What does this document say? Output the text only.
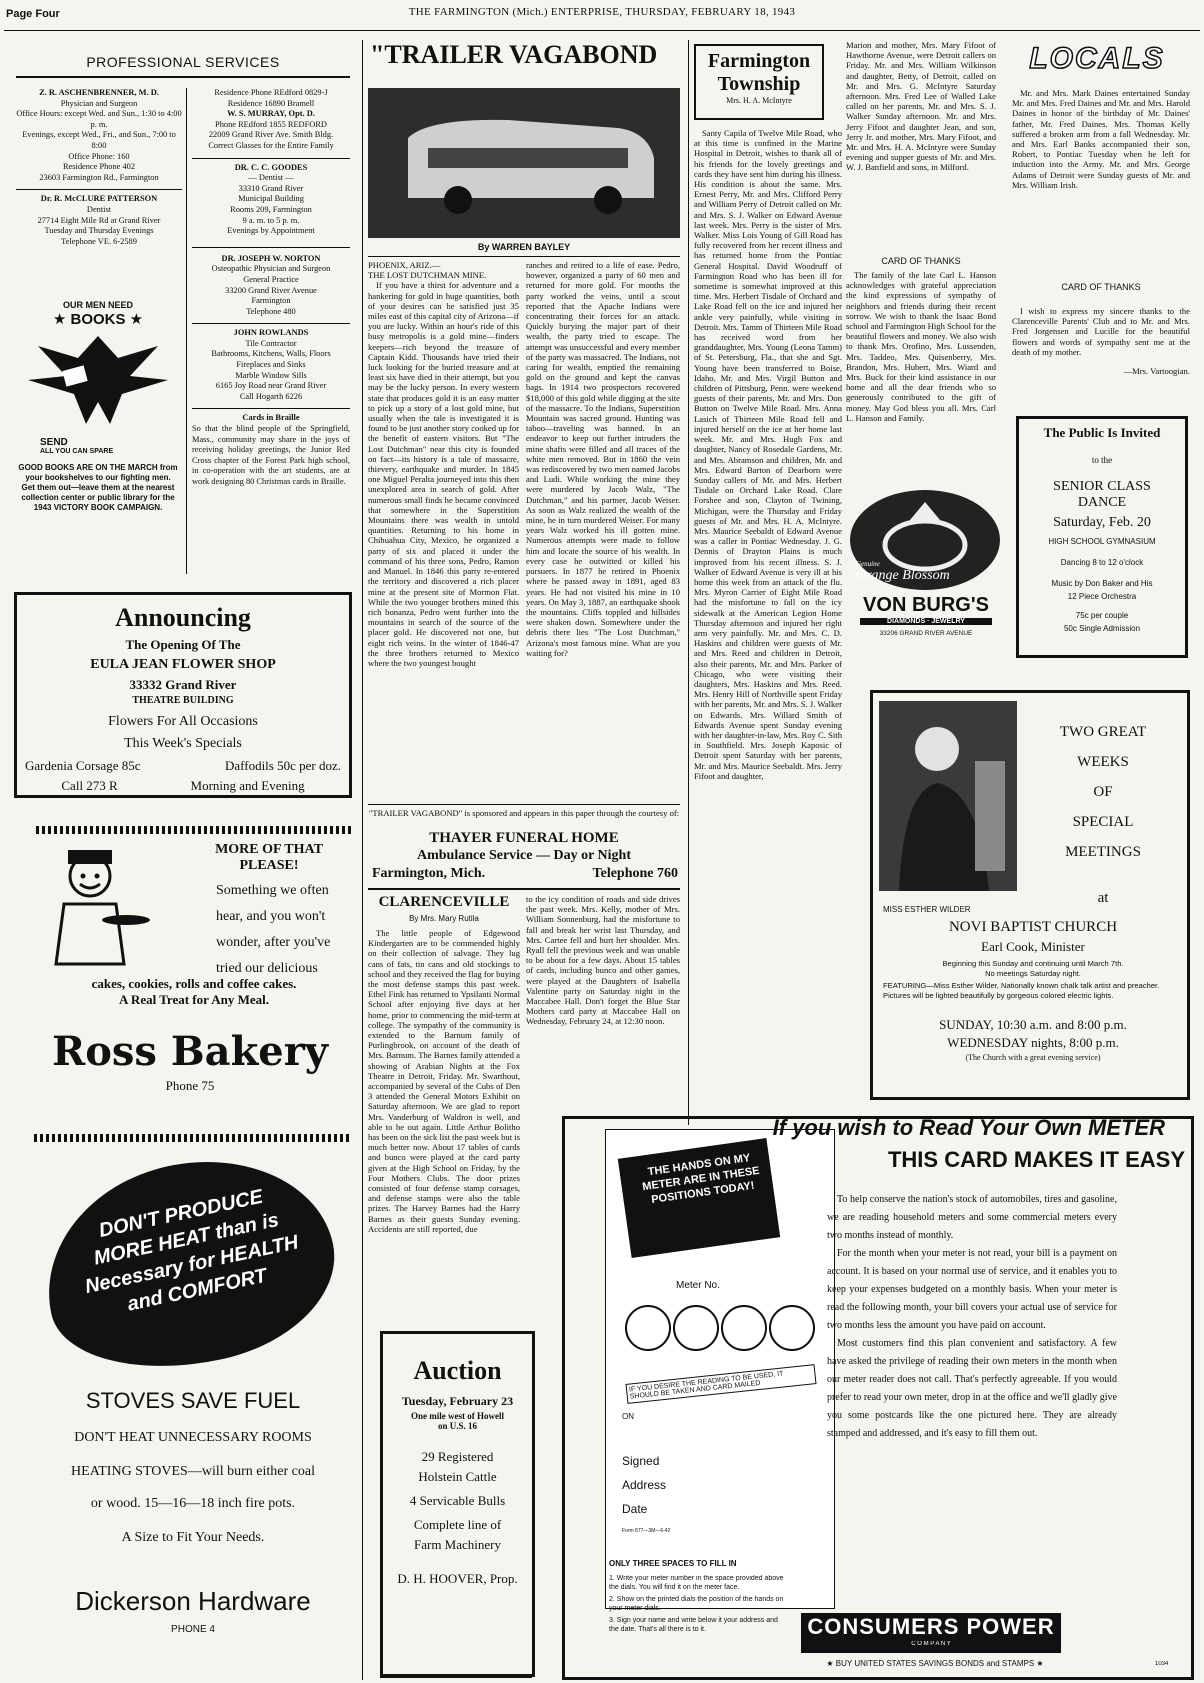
Page Four	THE FARMINGTON (Mich.) ENTERPRISE, THURSDAY, FEBRUARY 18, 1943
PROFESSIONAL SERVICES
Z. R. ASCHENBRENNER, M. D.
Physician and Surgeon
Office Hours: except Wed. and Sun., 1:30 to 4:00 p. m.
Evenings, except Wed., Fri., and Sun., 7:00 to 8:00
Office Phone: 160
Residence Phone 402
23603 Farmington Rd., Farmington
Dr. R. McCLURE PATTERSON
Dentist
27714 Eight Mile Rd at Grand River
Tuesday and Thursday Evenings
Telephone VE. 6-2589
Residence Phone REdford 0829-J
Residence 16890 Bramell
W. S. MURRAY, Opt. D.
Phone REdford 1855 REDFORD
22009 Grand River Ave. Smith Bldg.
Correct Glasses for the Entire Family
DR. C. C. GOODES
— Dentist —
33310 Grand River
Municipal Building
Rooms 209, Farmington
9 a. m. to 5 p. m.
Evenings by Appointment
DR. JOSEPH W. NORTON
Osteopathic Physician and Surgeon
General Practice
33200 Grand River Avenue
Farmington
Telephone 480
JOHN ROWLANDS
Tile Contractor
Bathrooms, Kitchens, Walls, Floors
Fireplaces and Sinks
Marble Window Sills
6165 Joy Road near Grand River
Call Hogarth 6226
Cards in Braille
So that the blind people of the Springfield, Mass., community may share in the joys of receiving holiday greetings, the Junior Red Cross chapter of the Forest Park high school, in co-operation with the art students, are at work designing 80 Christmas cards in Braille.
OUR MEN NEED
★ BOOKS ★
SEND
ALL YOU CAN SPARE
GOOD BOOKS ARE ON THE MARCH from your bookshelves to our fighting men. Get them out—leave them at the nearest collection center or public library for the 1943 VICTORY BOOK CAMPAIGN.
Announcing
The Opening Of The
EULA JEAN FLOWER SHOP
33332 Grand River
THEATRE BUILDING
Flowers For All Occasions
This Week's Specials
Gardenia Corsage 85c	Daffodils 50c per doz.
Call 273 R	Morning and Evening
MORE OF THAT PLEASE!
Something we often hear, and you won't wonder, after you've tried our delicious
cakes, cookies, rolls and coffee cakes.
A Real Treat for Any Meal.
Ross Bakery
Phone 75
DON'T PRODUCE MORE HEAT than is Necessary for HEALTH and COMFORT
STOVES SAVE FUEL
DON'T HEAT UNNECESSARY ROOMS
HEATING STOVES—will burn either coal
or wood. 15—16—18 inch fire pots.
A Size to Fit Your Needs.
Dickerson Hardware
PHONE 4
"TRAILER VAGABOND
By WARREN BAYLEY
PHOENIX, ARIZ.—
THE LOST DUTCHMAN MINE.

If you have a thirst for adventure and a hankering for gold in huge quantities, both of your desires can be satisfied just 35 miles east of this capital city of Arizona—if you are lucky. Within an hour's ride of this busy metropolis is a gold mine—finders keepers—rich beyond the treasure of Captain Kidd. Thousands have tried their luck looking for the buried treasure and at least six have died in their attempt, but you may be the lucky person. In every western state that produces gold it is an easy matter to pick up a story of a lost gold mine, but usually when the tale is investigated it is found to be just another story cooked up for the benefit of eastern visitors. But "The Lost Dutchman" near this city is founded on fact—its history is a tale of massacre, thievery, earthquake and murder. In 1845 one Miguel Peralta journeyed into this then unexplored area in search of gold. After numerous small finds he became convinced that somewhere in the Superstition Mountains there was wealth in untold quantities. Returning to his home in Chihuahua City, Mexico, he organized a party of six and placed it under the command of his three sons, Pedro, Ramon and Manuel. In 1846 this party re-entered the territory and discovered a rich placer mine at the present site of Mormon Flat. While the two younger brothers mined this rich bonanza, Pedro went further into the mountains in search of the source of the placer gold. He discovered not one, but eight rich veins. In the winter of 1846-47 the three brothers returned to Mexico where the two youngest bought

ranches and retired to a life of ease. Pedro, however, organized a party of 60 men and returned for more gold. For months the party worked the veins, until a scout reported that the Apache Indians were concentrating their forces for an attack. Quickly burying the major part of their wealth, the party tried to escape. The attempt was unsuccessful and every member of the party was massacred. The Indians, not caring for wealth, emptied the remaining gold on the ground and kept the canvas bags. In 1914 two prospectors recovered $18,000 of this gold while digging at the site of the massacre. To the Indians, Superstition Mountain was sacred ground. Hunting was taboo—traveling was banned. In an endeavor to keep out further intruders the mine shafts were filled and all traces of the white men removed. But in 1860 the vein was rediscovered by two men named Jacobs and Ludi. While working the mine they were murdered by Jacob Walz, "The Dutchman," and his partner, Jacob Weiser. As soon as Walz realized the wealth of the mine, he in turn murdered Weiser. For many years Walz worked his ill gotten mine. Numerous attempts were made to follow him and locate the source of his wealth. In every case he outwitted or killed his pursuers. In 1877 he retired in Phoenix where he passed away in 1891, aged 83 years. He had not visited his mine in 10 years. On May 3, 1887, an earthquake shook the mountains. Cliffs toppled and hillsides were shaken down. Somewhere under the debris there lies "The Lost Dutchman," Arizona's most famous mine. What are you waiting for?

"TRAILER VAGABOND" is sponsored and appears in this paper through the courtesy of:
THAYER FUNERAL HOME
Ambulance Service — Day or Night
Farmington, Mich.	Telephone 760
CLARENCEVILLE
By Mrs. Mary Rutila

The little people of Edgewood Kindergarten are to be commended highly on their collection of salvage. They lug cans of fats, tin cans and old stockings to school and they received the flag for buying the most defense stamps this past week. Ethel Fink has returned to Ypsilanti Normal School after enjoying five days at her home, prior to commencing the mid-term at college. The sympathy of the community is extended to the Barnum family of Purlingbrook, on account of the death of Mrs. Barnum. The Barnes family attended a showing of Arabian Nights at the Fox Theatre in Detroit, Friday. Mr. Swarthout, accompanied by several of the Cubs of Den 3 attended the General Motors Exhibit on Saturday afternoon. We are glad to report Mrs. Vanderburg of Waldron is well, and able to be out again. Little Arthur Bolitho has been on the sick list the past week but is much better now. About 17 tables of cards and bunco were played at the card party given at the High School on Friday, by the Four Mothers Clubs. The door prizes consisted of four defense stamp corsages, and defense stamps were also the table prizes. The Harvey Barnes had the Harry Barnes as their guests Sunday evening. Accidents are still reported, due

to the icy condition of roads and side drives the past week. Mrs. Kelly, mother of Mrs. William Sonnenburg, had the misfortune to fall and break her wrist last Thursday, and Mrs. Cartee fell and hurt her shoulder. Mrs. Ryall fell the previous week and was unable to be about for a few days. About 15 tables of cards, including bunco and other games, were played at the Daughters of Isabella Valentine party on Saturday night in the Maccabee Hall. Don't forget the Blue Star Mothers card party at Maccabee Hall on Wednesday, February 24, at 12:30 noon.

Auction
Tuesday, February 23
One mile west of Howell
on U.S. 16
29 Registered
Holstein Cattle
4 Servicable Bulls
Complete line of
Farm Machinery
D. H. HOOVER, Prop.
Farmington
Township
Mrs. H. A. McIntyre

Santy Capila of Twelve Mile Road, who at this time is confined in the Marine Hospital in Detroit, wishes to thank all of his friends for the lovely greetings and cards they have sent him during his illness. His condition is about the same. Mrs. Ernest Perry, Mr. and Mrs. Clifford Perry and William Perry of Detroit called on Mr. and Mrs. S. J. Walker on Edward Avenue last week. Mrs. Perry is the sister of Mrs. Walker. Miss Lois Young of Gill Road has fully recovered from her recent illness and has returned home from the Pontiac General Hospital. David Woodruff of Farmington Road who has been ill for sometime is somewhat improved at this time. Mrs. Herbert Tisdale of Orchard and Lake Road fell on the ice and injured her ankle very painfully, while visiting in Detroit. Mrs. Tamm of Thirteen Mile Road has received word from her granddaughter, Mrs. Young (Leona Tamm) of St. Petersburg, Fla., that she and Sgt. Young have been transferred to Boise, Idaho. Mr. and Mrs. Virgil Button and children of Pittsburg, Penn. were weekend guests of their parents, Mr. and Mrs. Don Button on Twelve Mile Road. Mrs. Anna Lasich of Thirteen Mile Road fell and injured herself on the ice at her home last week. Mr. and Mrs. Hugh Fox and daughter, Nancy of Rosedale Gardens, Mr. and Mrs. Abramson and children, Mr. and Mrs. Edward Barton of Dearborn were Sunday callers of Mr. and Mrs. Herbert Tisdale on Orchard Lake Road. Clare Forshee and son, Clayton of Twining, Michigan, were the Thursday and Friday guests of Mr. and Mrs. H. A. McIntyre. Mrs. Maurice Seebaldt of Edward Avenue was a caller in Pontiac Wednesday. J. G. Dennis of Drayton Plains is much improved from his recent illness. S. J. Walker of Edward Avenue is very ill at his home this week from an attack of the flu. Mrs. Myron Carrier of Eight Mile Road had the misfortune to fall on the icy sidewalk at the American Legion Home Thursday afternoon and injured her right arm very painfully. Mr. and Mrs. C. D. Haskins and children were guests of Mr. and Mrs. Reed and children in Detroit, also their parents, Mr. and Mrs. Parker of Chicago, who were visiting their daughters, Mrs. Haskins and Mrs. Reed. Mrs. Henry Hill of Northville spent Friday with her parents, Mr. and Mrs. S. J. Walker on Edwards. Mrs. Willard Smith of Edwards Avenue spent Sunday evening with her daughter-in-law, Mrs. Roy C. Sith in Southfield. Mrs. Joseph Kaposic of Detroit spent Saturday with her parents, Mr. and Mrs. Maurice Seebaldt. Mrs. Jerry Fifoot and daughter,

Marion and mother, Mrs. Mary Fifoot of Hawthorne Avenue, were Detroit callers on Friday. Mr. and Mrs. William Wilkinson and daughter, Betty, of Detroit, called on Mr. and Mrs. G. McIntyre Saturday afternoon. Mrs. Fred Lee of Walled Lake called on her parents, Mr. and Mrs. S. J. Walker Sunday afternoon. Mr. and Mrs. Jerry Fifoot and daughter Jean, and son, Jerry Jr. and mother, Mrs. Mary Fifoot, and Mr. and Mrs. H. A. McIntyre were Sunday evening and supper guests of Mr. and Mrs. W. J. Banfield and sons, in Milford.

CARD OF THANKS

The family of the late Carl L. Hanson acknowledges with grateful appreciation the kind expressions of sympathy of neighbors and friends during their recent sorrow. We wish to thank the Isaac Bond school and Farmington High School for the beautiful flowers and money. We also wish to thank Mrs. Orofino, Mrs. Lussenden, Mrs. Taddeo, Mrs. Quisenberry, Mrs. Brandon, Mrs. Hubert, Mrs. Wiard and Mrs. Buck for their kind assistance in our home and all the dear friends who so generously contributed to the gift of money. May God bless you all. Mrs. Carl L. Hanson and Family.

Genuine
Orange Blossom
VON BURG'S
DIAMONDS · JEWELRY
33206 GRAND RIVER AVENUE
LOCALS

Mr. and Mrs. Mark Daines entertained Sunday Mr. and Mrs. Fred Daines and Mr. and Mrs. Harold Daines in honor of the birthday of Mr. Daines' father, Mr. Fred Daines. Mrs. Thomas Kelly suffered a broken arm from a fall Wednesday. Mr. and Mrs. Earl Banks accompanied their son, Robert, to Pontiac Tuesday when he left for induction into the Army. Mr. and Mrs. George Adams of Detroit were Sunday guests of Mr. and Mrs. William Irish.

CARD OF THANKS

I wish to express my sincere thanks to the Clarenceville Parents' Club and to Mr. and Mrs. Fred Jorgensen and Lucille for the beautiful flowers and words of sympathy sent me at the death of my mother.

—Mrs. Vartoogian.
The Public Is Invited
to the
SENIOR CLASS
DANCE
Saturday, Feb. 20
HIGH SCHOOL GYMNASIUM
Dancing 8 to 12 o'clock
Music by Don Baker and His
12 Piece Orchestra
75c per couple
50c Single Admission
TWO GREAT
WEEKS
OF
SPECIAL
MEETINGS
at
MISS ESTHER WILDER
NOVI BAPTIST CHURCH
Earl Cook, Minister
Beginning this Sunday and continuing until March 7th.
No meetings Saturday night.
FEATURING—Miss Esther Wilder, Nationally known chalk talk artist and preacher. Pictures will be lighted beautifully by gorgeous colored electric lights.
SUNDAY, 10:30 a.m. and 8:00 p.m.
WEDNESDAY nights, 8:00 p.m.
(The Church with a great evening service)
THE HANDS ON MY METER ARE IN THESE POSITIONS TODAY!
Meter No.
IF YOU DESIRE THE READING TO BE USED, IT SHOULD BE TAKEN AND CARD MAILED
ON
Signed
Address
Date
Form 877—3M—6-42
ONLY THREE SPACES TO FILL IN
1. Write your meter number in the space provided above the dials. You will find it on the meter face.
2. Show on the printed dials the position of the hands on your meter dials.
3. Sign your name and write below it your address and the date. That's all there is to it.
If you wish to Read Your Own METER
THIS CARD MAKES IT EASY
To help conserve the nation's stock of automobiles, tires and gasoline, we are reading household meters and some commercial meters every two months instead of monthly.
For the month when your meter is not read, your bill is a payment on account. It is based on your normal use of service, and it enables you to keep your expenses budgeted on a monthly basis. When your meter is read the following month, your bill covers your actual use of service for two months less the amount you have paid on account.
Most customers find this plan convenient and satisfactory. A few have asked the privilege of reading their own meters in the month when our meter reader does not call. That's perfectly agreeable. If you would prefer to read your own meter, drop in at the office and we'll gladly give you some postcards like the one pictured here. They are already stamped and addressed, and it's easy to fill them out.
CONSUMERS POWER
C O M P A N Y
★ BUY UNITED STATES SAVINGS BONDS and STAMPS ★	1034
